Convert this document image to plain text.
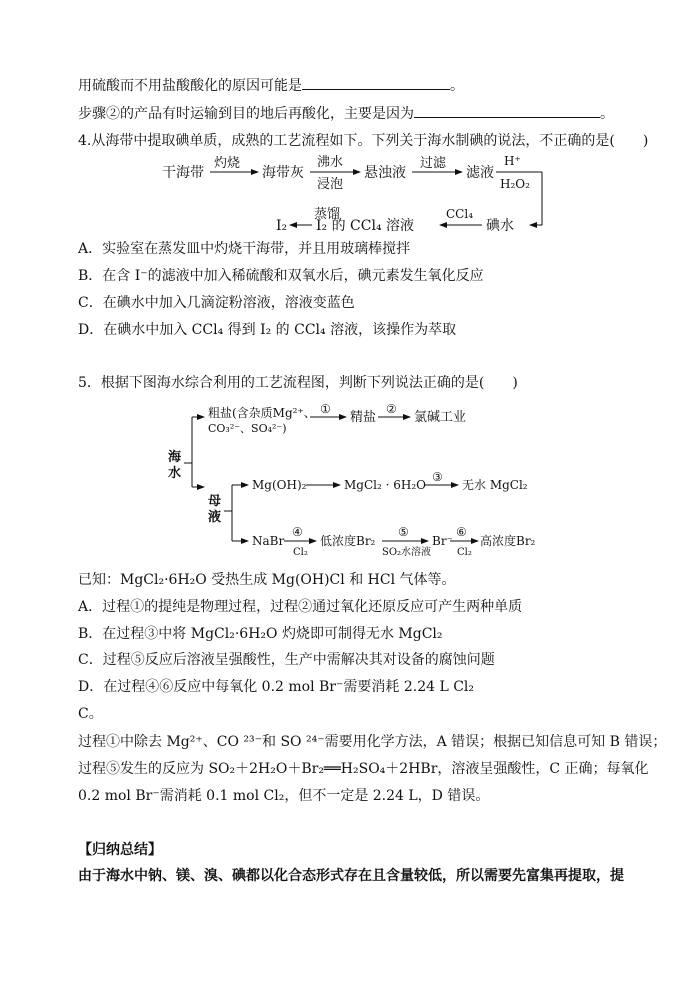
用硫酸而不用盐酸酸化的原因可能是	。
步骤②的产品有时运输到目的地后再酸化，主要是因为	。
4.从海带中提取碘单质，成熟的工艺流程如下。下列关于海水制碘的说法，不正确的是(　　)
干海带
灼烧
海带灰
沸水
浸泡
悬浊液
过滤
滤液
H⁺
H₂O₂
碘水
CCl₄
I₂ 的 CCl₄ 溶液
蒸馏
I₂
A．实验室在蒸发皿中灼烧干海带，并且用玻璃棒搅拌
B．在含 I⁻的滤液中加入稀硫酸和双氧水后，碘元素发生氧化反应
C．在碘水中加入几滴淀粉溶液，溶液变蓝色
D．在碘水中加入 CCl₄ 得到 I₂ 的 CCl₄ 溶液，该操作为萃取
5．根据下图海水综合利用的工艺流程图，判断下列说法正确的是(　　)
海
水
粗盐(含杂质Mg²⁺、
CO₃²⁻、SO₄²⁻)
①
精盐
②
氯碱工业
母
液
Mg(OH)₂	MgCl₂ · 6H₂O
③
无水 MgCl₂
NaBr
④
Cl₂
低浓度Br₂
⑤
SO₂水溶液
Br⁻
⑥
Cl₂
高浓度Br₂
已知：MgCl₂·6H₂O 受热生成 Mg(OH)Cl 和 HCl 气体等。
A．过程①的提纯是物理过程，过程②通过氧化还原反应可产生两种单质
B．在过程③中将 MgCl₂·6H₂O 灼烧即可制得无水 MgCl₂
C．过程⑤反应后溶液呈强酸性，生产中需解决其对设备的腐蚀问题
D．在过程④⑥反应中每氧化 0.2 mol Br⁻需要消耗 2.24 L Cl₂
C。
过程①中除去 Mg²⁺、CO ²³⁻和 SO ²⁴⁻需要用化学方法，A 错误；根据已知信息可知 B 错误；
过程⑤发生的反应为 SO₂＋2H₂O＋Br₂══H₂SO₄＋2HBr，溶液呈强酸性，C 正确；每氧化
0.2 mol Br⁻需消耗 0.1 mol Cl₂，但不一定是 2.24 L，D 错误。
【归纳总结】
由于海水中钠、镁、溴、碘都以化合态形式存在且含量较低，所以需要先富集再提取，提
